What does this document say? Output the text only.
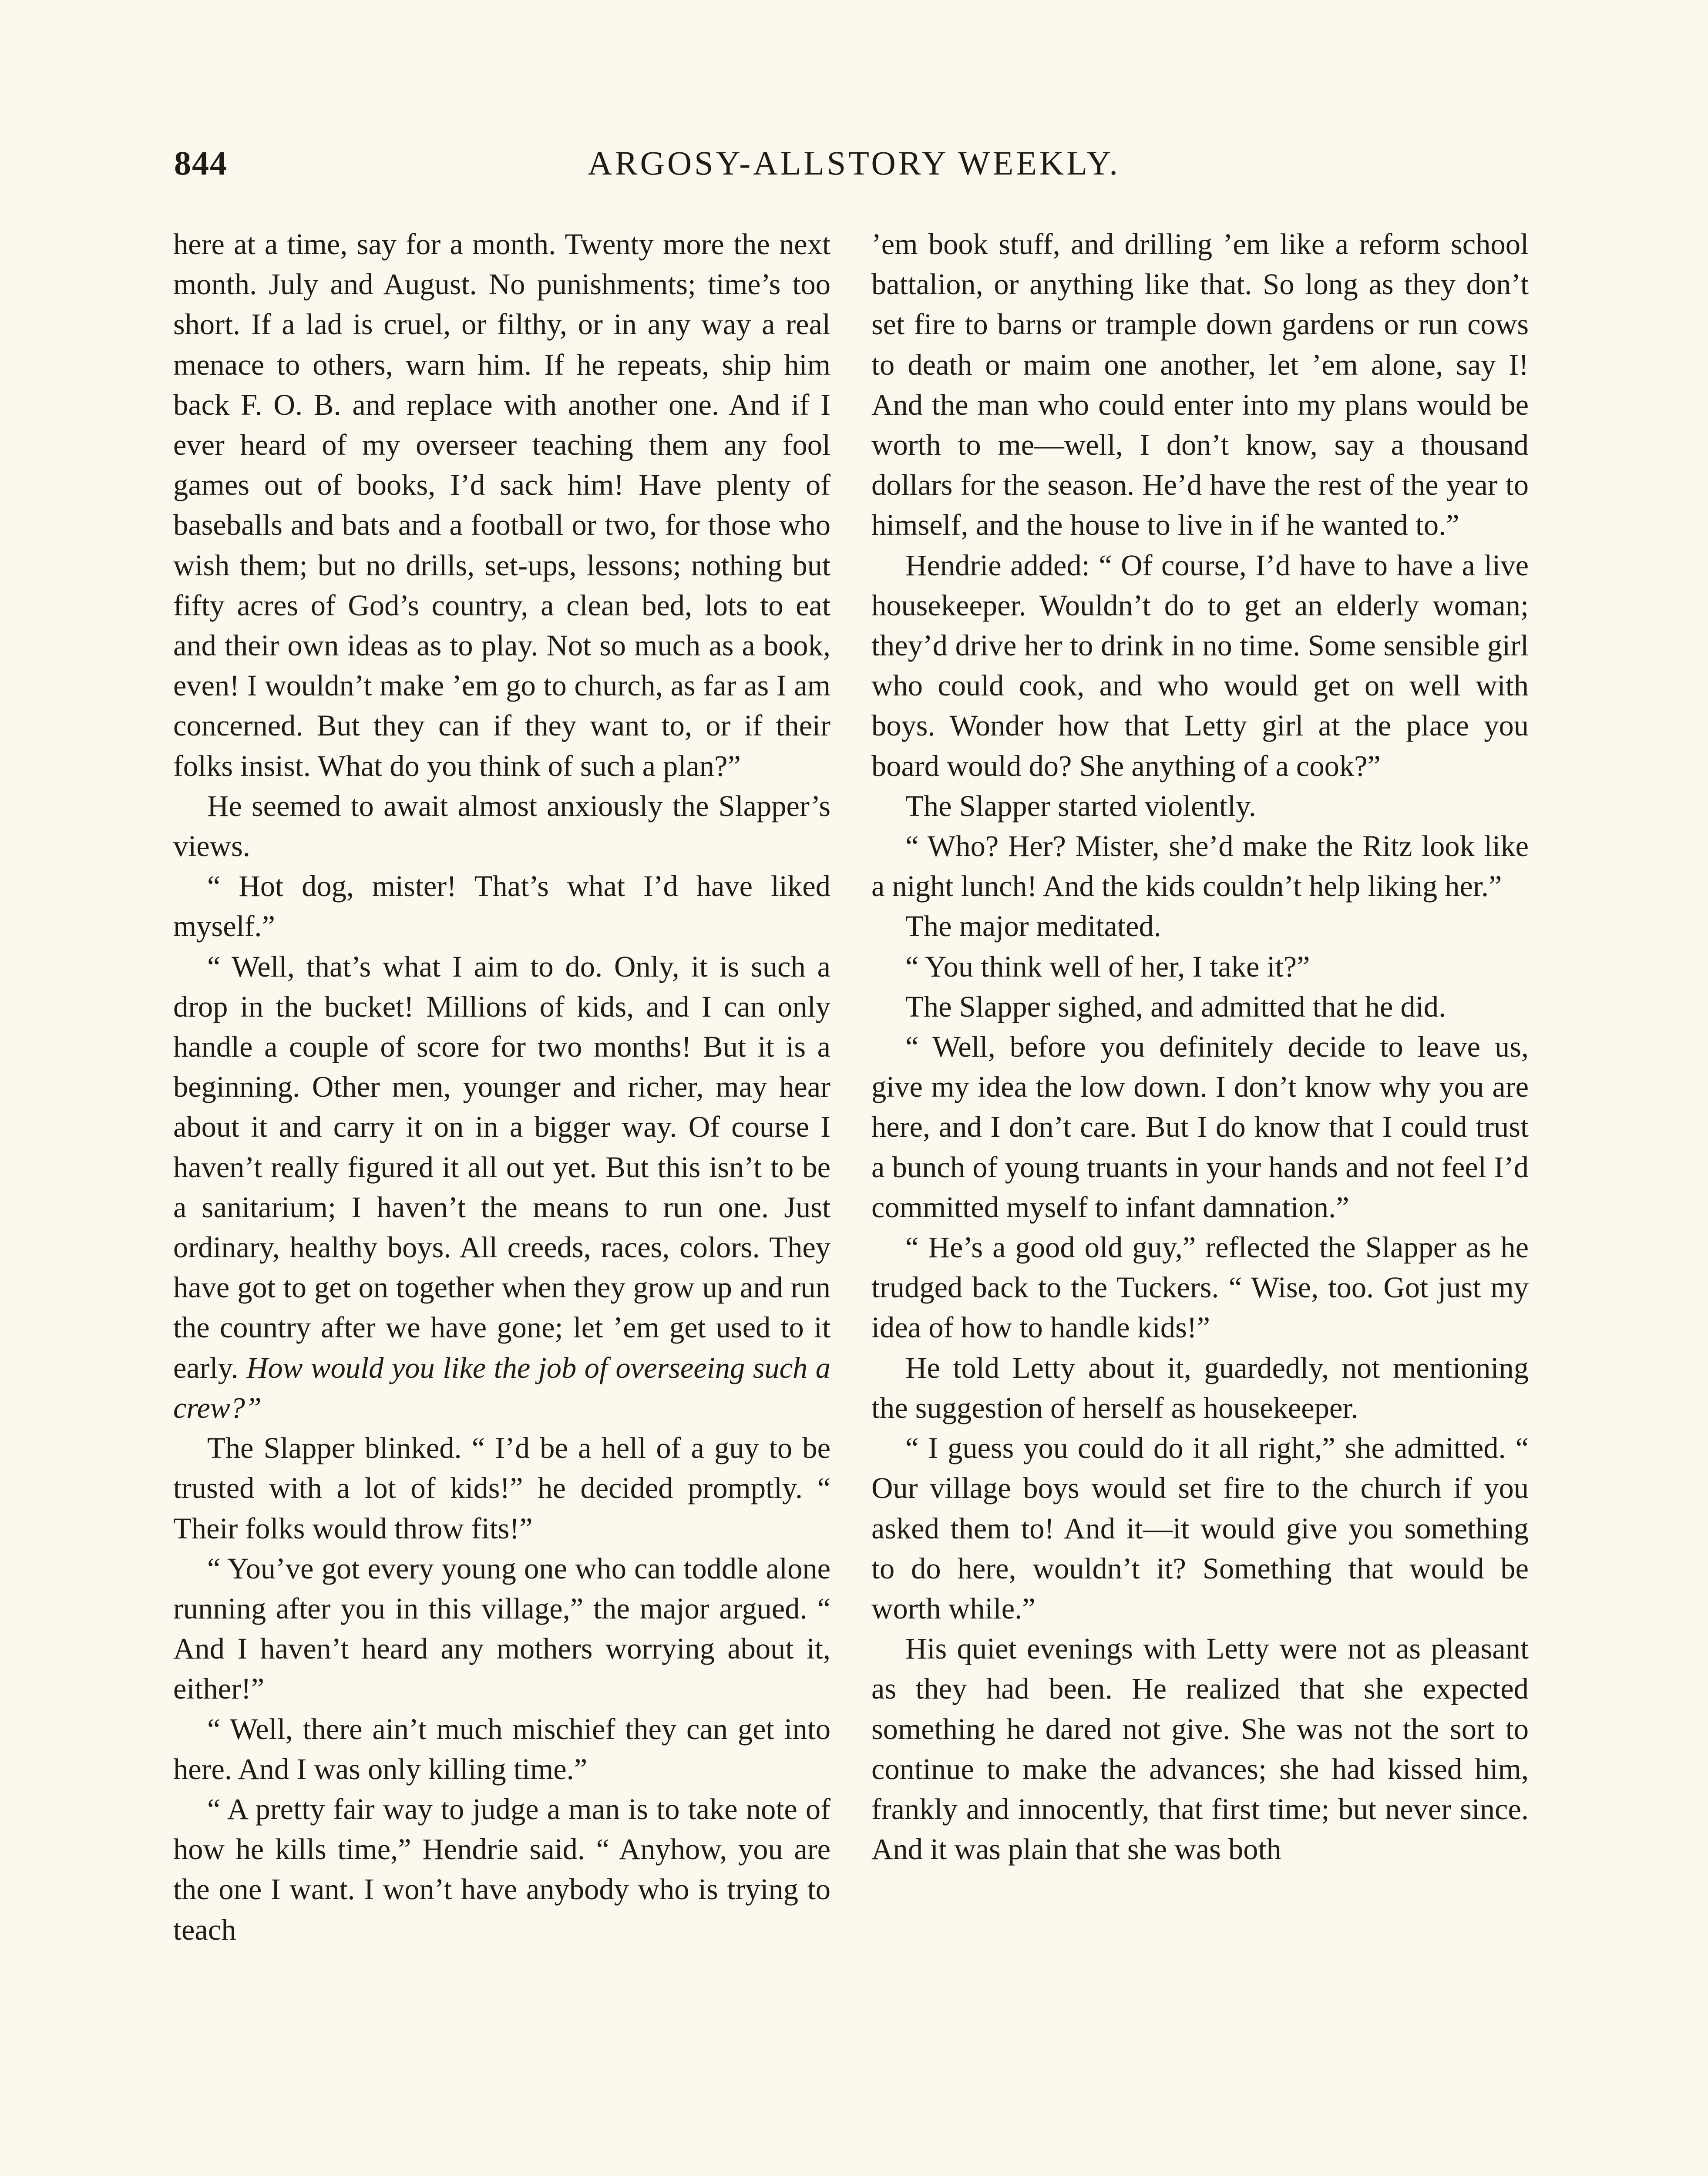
844	ARGOSY-ALLSTORY WEEKLY.

here at a time, say for a month. Twenty more the next month. July and August. No punishments; time’s too short. If a lad is cruel, or filthy, or in any way a real menace to others, warn him. If he repeats, ship him back F. O. B. and replace with another one. And if I ever heard of my overseer teaching them any fool games out of books, I’d sack him! Have plenty of baseballs and bats and a football or two, for those who wish them; but no drills, set-ups, lessons; nothing but fifty acres of God’s country, a clean bed, lots to eat and their own ideas as to play. Not so much as a book, even! I wouldn’t make ’em go to church, as far as I am concerned. But they can if they want to, or if their folks insist. What do you think of such a plan?”

He seemed to await almost anxiously the Slapper’s views.

“ Hot dog, mister! That’s what I’d have liked myself.”

“ Well, that’s what I aim to do. Only, it is such a drop in the bucket! Millions of kids, and I can only handle a couple of score for two months! But it is a beginning. Other men, younger and richer, may hear about it and carry it on in a bigger way. Of course I haven’t really figured it all out yet. But this isn’t to be a sanitarium; I haven’t the means to run one. Just ordinary, healthy boys. All creeds, races, colors. They have got to get on together when they grow up and run the country after we have gone; let ’em get used to it early. How would you like the job of overseeing such a crew?”

The Slapper blinked. “ I’d be a hell of a guy to be trusted with a lot of kids!” he decided promptly. “ Their folks would throw fits!”

“ You’ve got every young one who can toddle alone running after you in this village,” the major argued. “ And I haven’t heard any mothers worrying about it, either!”

“ Well, there ain’t much mischief they can get into here. And I was only killing time.”

“ A pretty fair way to judge a man is to take note of how he kills time,” Hendrie said. “ Anyhow, you are the one I want. I won’t have anybody who is trying to teach

’em book stuff, and drilling ’em like a reform school battalion, or anything like that. So long as they don’t set fire to barns or trample down gardens or run cows to death or maim one another, let ’em alone, say I! And the man who could enter into my plans would be worth to me—well, I don’t know, say a thousand dollars for the season. He’d have the rest of the year to himself, and the house to live in if he wanted to.”

Hendrie added: “ Of course, I’d have to have a live housekeeper. Wouldn’t do to get an elderly woman; they’d drive her to drink in no time. Some sensible girl who could cook, and who would get on well with boys. Wonder how that Letty girl at the place you board would do? She anything of a cook?”

The Slapper started violently.

“ Who? Her? Mister, she’d make the Ritz look like a night lunch! And the kids couldn’t help liking her.”

The major meditated.

“ You think well of her, I take it?”

The Slapper sighed, and admitted that he did.

“ Well, before you definitely decide to leave us, give my idea the low down. I don’t know why you are here, and I don’t care. But I do know that I could trust a bunch of young truants in your hands and not feel I’d committed myself to infant damnation.”

“ He’s a good old guy,” reflected the Slapper as he trudged back to the Tuckers. “ Wise, too. Got just my idea of how to handle kids!”

He told Letty about it, guardedly, not mentioning the suggestion of herself as housekeeper.

“ I guess you could do it all right,” she admitted. “ Our village boys would set fire to the church if you asked them to! And it—it would give you something to do here, wouldn’t it? Something that would be worth while.”

His quiet evenings with Letty were not as pleasant as they had been. He realized that she expected something he dared not give. She was not the sort to continue to make the advances; she had kissed him, frankly and innocently, that first time; but never since. And it was plain that she was both
